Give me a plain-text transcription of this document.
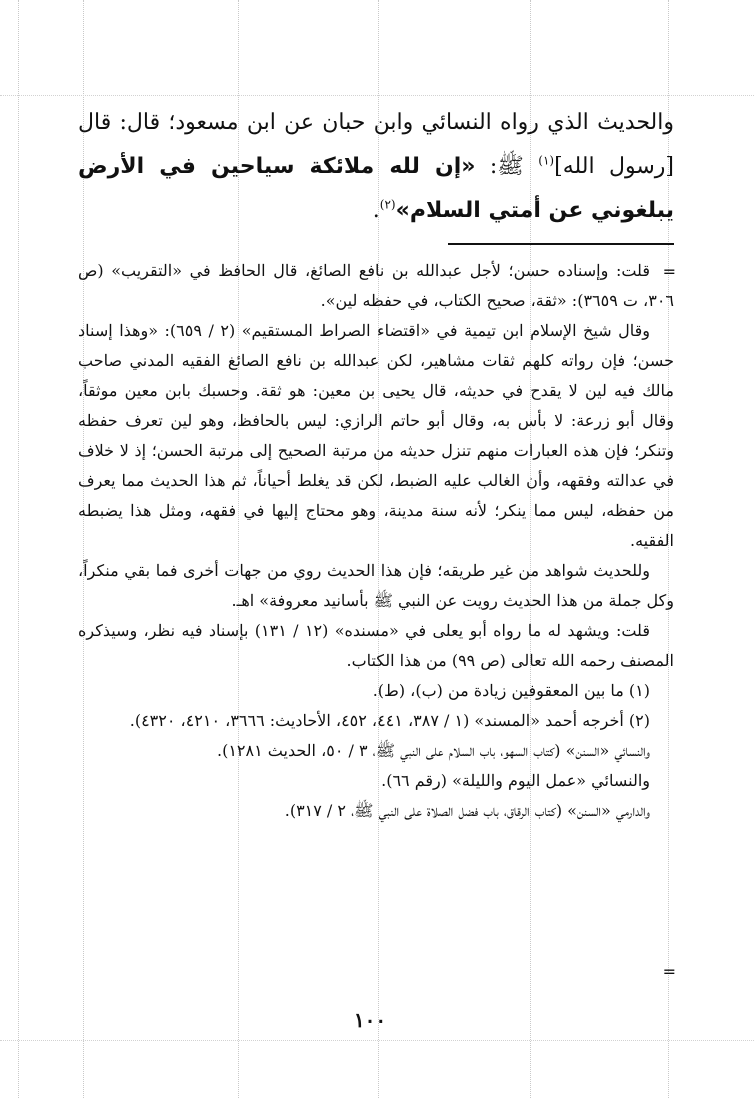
والحديث الذي رواه النسائي وابن حبان عن ابن مسعود؛ قال: قال [رسول الله]$^{(١)}$ ﷺ: «إن لله ملائكة سياحين في الأرض يبلغوني عن أمتي السلام»$^{(٢)}$.

قلت: وإسناده حسن؛ لأجل عبدالله بن نافع الصائغ، قال الحافظ في «التقريب» (ص ٣٠٦، ت ٣٦٥٩): «ثقة، صحيح الكتاب، في حفظه لين».

وقال شيخ الإسلام ابن تيمية في «اقتضاء الصراط المستقيم» (٢ / ٦٥٩): «وهذا إسناد حسن؛ فإن رواته كلهم ثقات مشاهير، لكن عبدالله بن نافع الصائغ الفقيه المدني صاحب مالك فيه لين لا يقدح في حديثه، قال يحيى بن معين: هو ثقة. وحسبك بابن معين موثقاً، وقال أبو زرعة: لا بأس به، وقال أبو حاتم الرازي: ليس بالحافظ، وهو لين تعرف حفظه وتنكر؛ فإن هذه العبارات منهم تنزل حديثه من مرتبة الصحيح إلى مرتبة الحسن؛ إذ لا خلاف في عدالته وفقهه، وأن الغالب عليه الضبط، لكن قد يغلط أحياناً، ثم هذا الحديث مما يعرف من حفظه، ليس مما ينكر؛ لأنه سنة مدينة، وهو محتاج إليها في فقهه، ومثل هذا يضبطه الفقيه.

وللحديث شواهد من غير طريقه؛ فإن هذا الحديث روي من جهات أخرى فما بقي منكراً، وكل جملة من هذا الحديث رويت عن النبي ﷺ بأسانيد معروفة» اهـ.

قلت: ويشهد له ما رواه أبو يعلى في «مسنده» (١٢ / ١٣١) بإسناد فيه نظر، وسيذكره المصنف رحمه الله تعالى (ص ٩٩) من هذا الكتاب.

(١) ما بين المعقوفين زيادة من (ب)، (ط).

(٢) أخرجه أحمد «المسند» (١ / ٣٨٧، ٤٤١، ٤٥٢، الأحاديث: ٣٦٦٦، ٤٢١٠، ٤٣٢٠).

والنسائي «السنن» (كتاب السهو، باب السلام على النبي ﷺ، ٣ / ٥٠، الحديث ١٢٨١).

والنسائي «عمل اليوم والليلة» (رقم ٦٦).

والدارمي «السنن» (كتاب الرقاق، باب فضل الصلاة على النبي ﷺ، ٢ / ٣١٧).

=
=
١٠٠
